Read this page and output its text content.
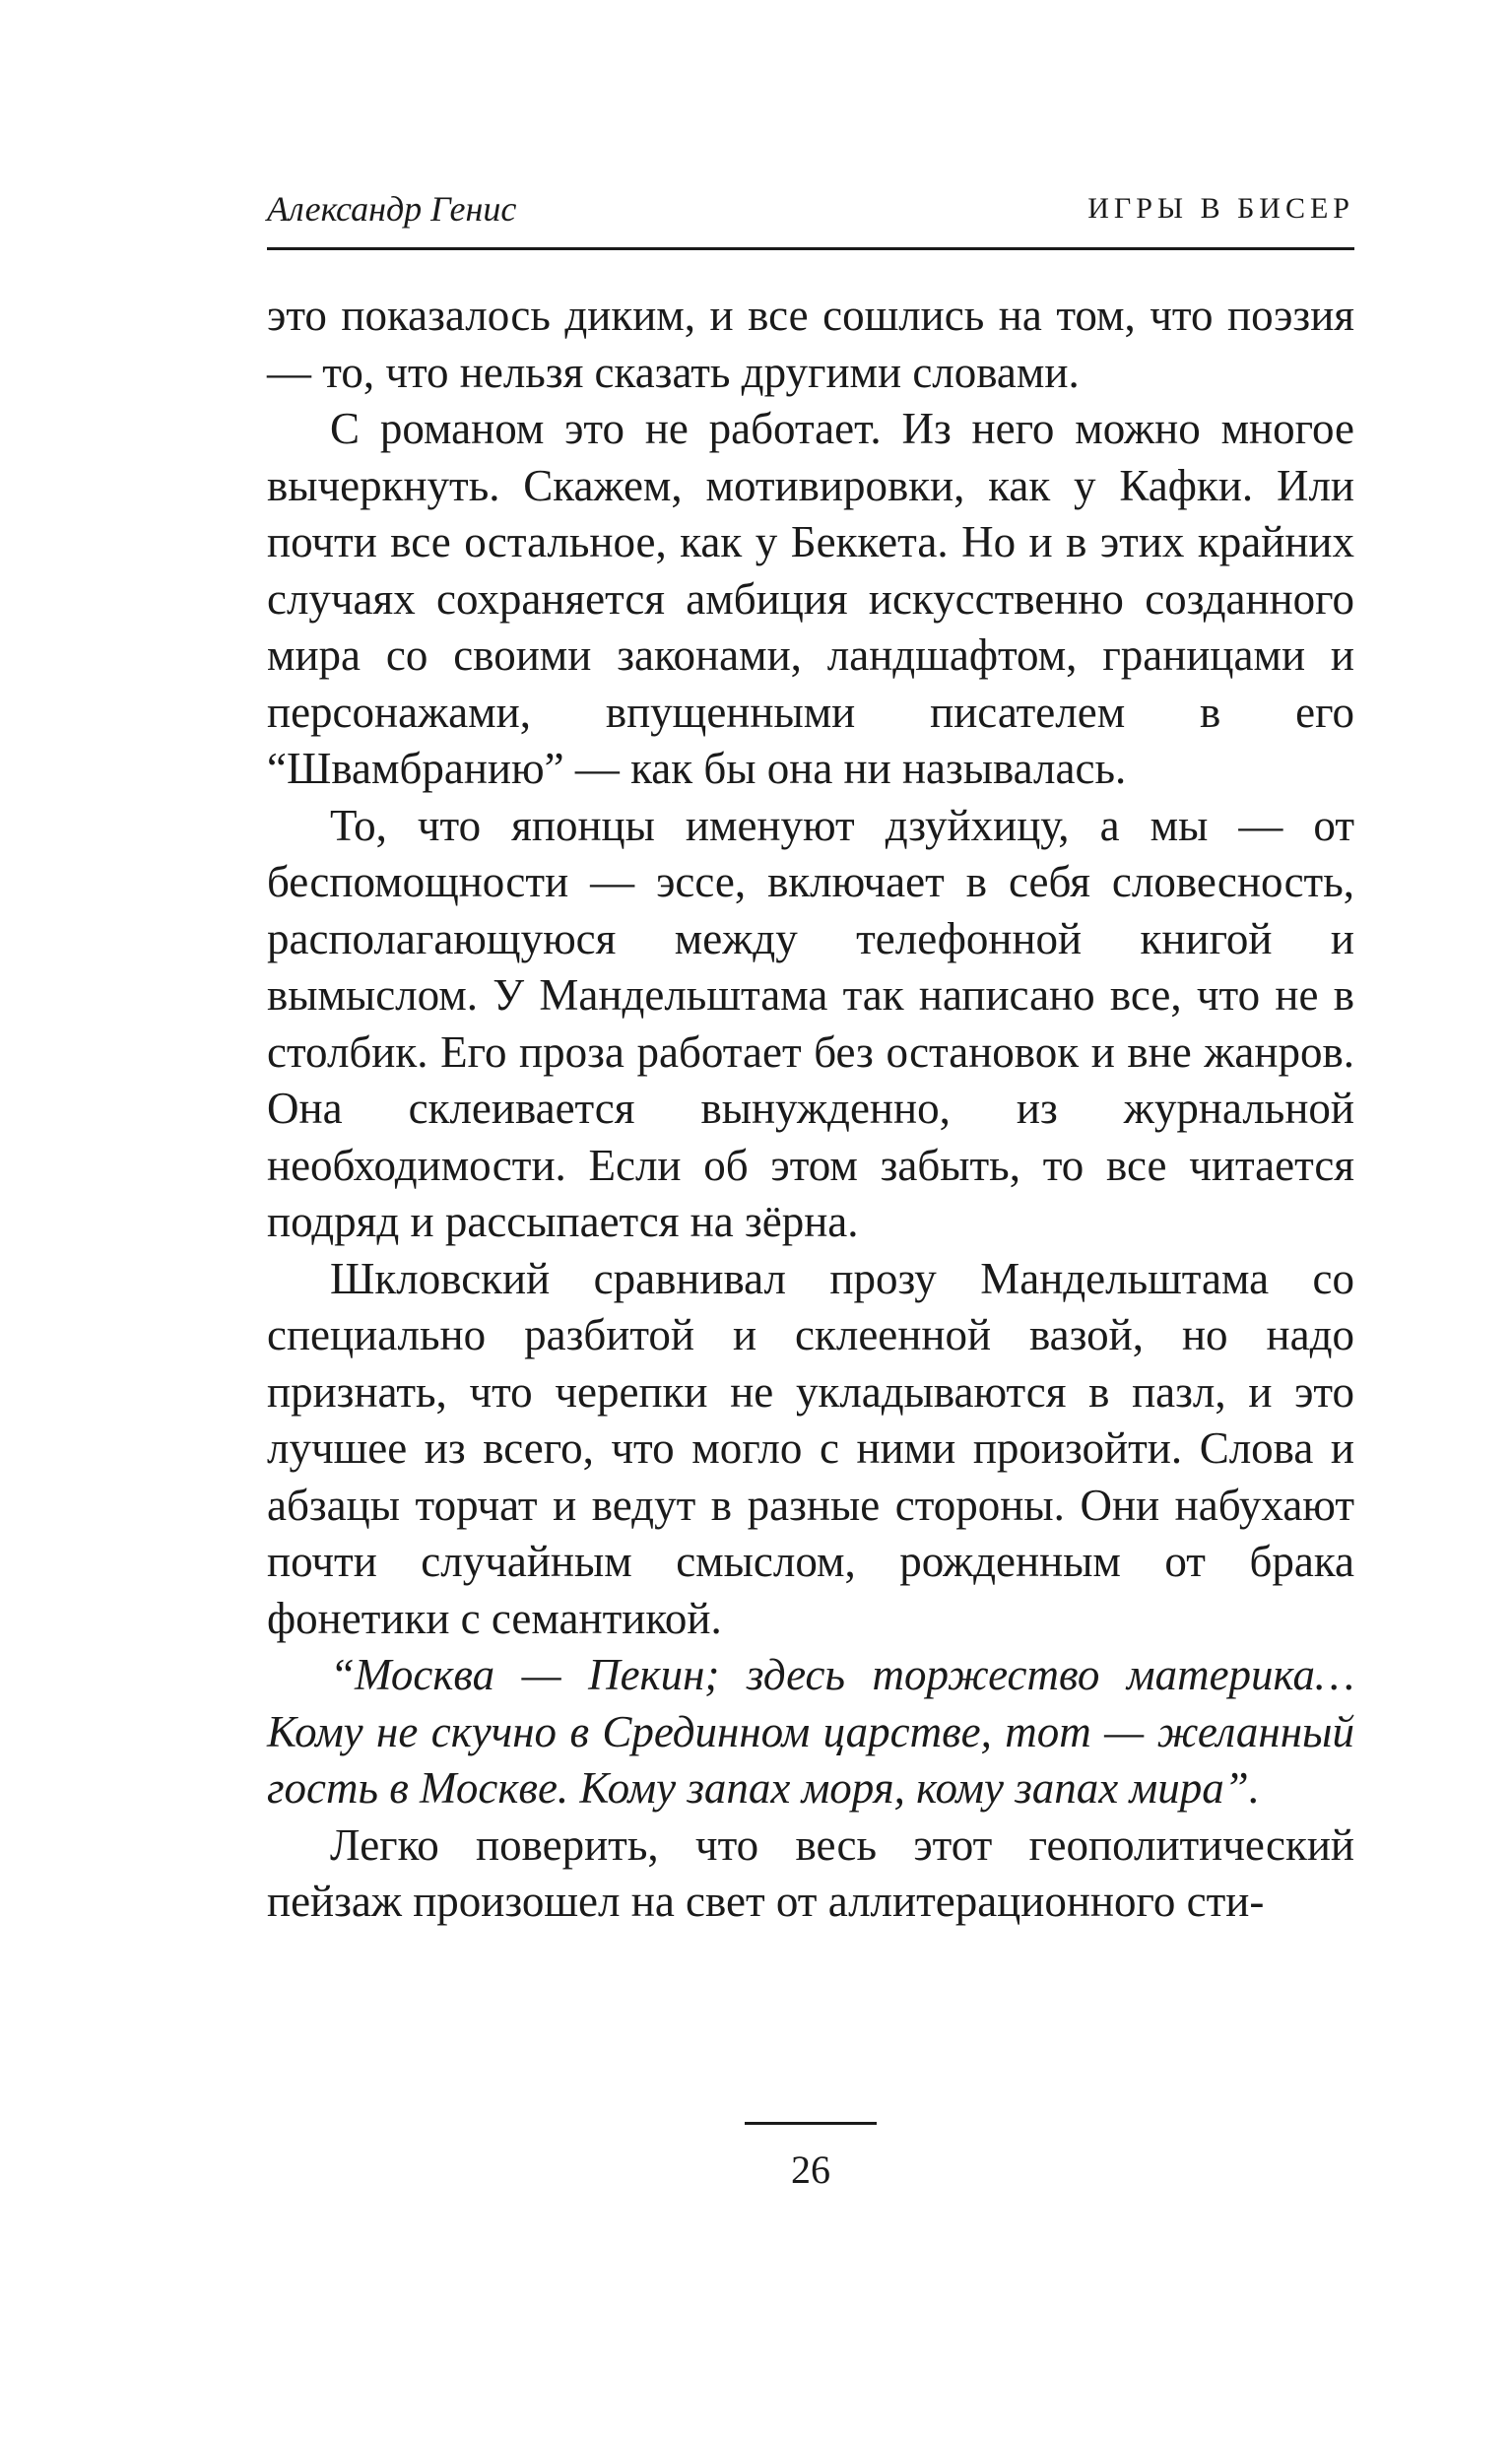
Александр Генис	ИГРЫ В БИСЕР

это показалось диким, и все сошлись на том, что поэзия — то, что нельзя сказать другими словами.

С романом это не работает. Из него можно многое вычеркнуть. Скажем, мотивировки, как у Кафки. Или почти все остальное, как у Беккета. Но и в этих крайних случаях сохраняется амбиция искусственно созданного мира со своими законами, ландшафтом, границами и персонажами, впущенными писателем в его “Швамбранию” — как бы она ни называлась.

То, что японцы именуют дзуйхицу, а мы — от беспомощности — эссе, включает в себя словесность, располагающуюся между телефонной книгой и вымыслом. У Мандельштама так написано все, что не в столбик. Его проза работает без остановок и вне жанров. Она склеивается вынужденно, из журнальной необходимости. Если об этом забыть, то все читается подряд и рассыпается на зёрна.

Шкловский сравнивал прозу Мандельштама со специально разбитой и склеенной вазой, но надо признать, что черепки не укладываются в пазл, и это лучшее из всего, что могло с ними произойти. Слова и абзацы торчат и ведут в разные стороны. Они набухают почти случайным смыслом, рожденным от брака фонетики с семантикой.

“Москва — Пекин; здесь торжество материка… Кому не скучно в Срединном царстве, тот — желанный гость в Москве. Кому запах моря, кому запах мира”.

Легко поверить, что весь этот геополитический пейзаж произошел на свет от аллитерационного сти-

26
